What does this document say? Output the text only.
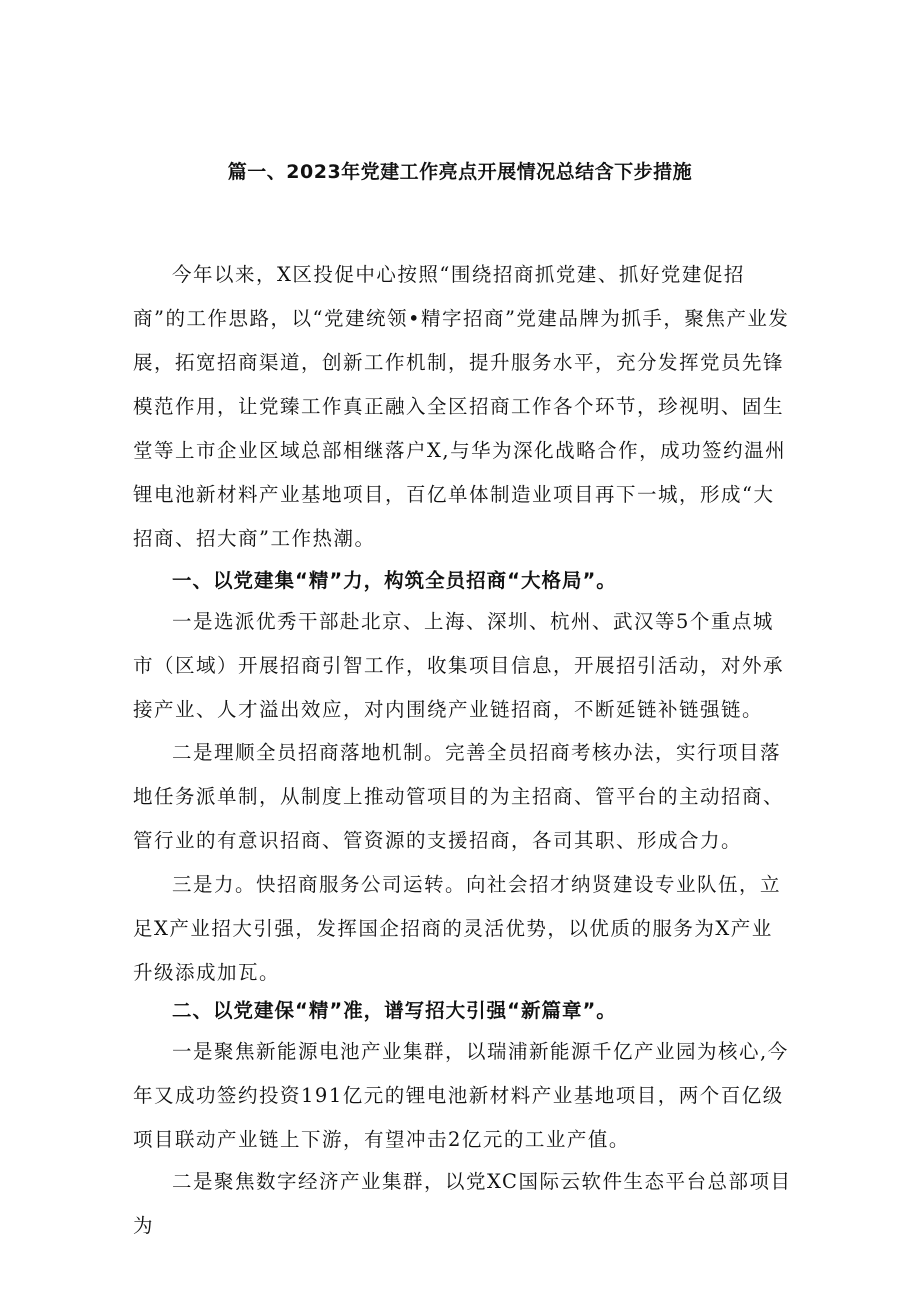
篇一、2023年党建工作亮点开展情况总结含下步措施

今年以来，X区投促中心按照“围绕招商抓党建、抓好党建促招商”的工作思路，以“党建统领•精字招商”党建品牌为抓手，聚焦产业发展，拓宽招商渠道，创新工作机制，提升服务水平，充分发挥党员先锋模范作用，让党臻工作真正融入全区招商工作各个环节，珍视明、固生堂等上市企业区域总部相继落户X,与华为深化战略合作，成功签约温州锂电池新材料产业基地项目，百亿单体制造业项目再下一城，形成“大招商、招大商”工作热潮。

一、以党建集“精”力，构筑全员招商“大格局”。

一是选派优秀干部赴北京、上海、深圳、杭州、武汉等5个重点城市（区域）开展招商引智工作，收集项目信息，开展招引活动，对外承接产业、人才溢出效应，对内围绕产业链招商，不断延链补链强链。

二是理顺全员招商落地机制。完善全员招商考核办法，实行项目落地任务派单制，从制度上推动管项目的为主招商、管平台的主动招商、管行业的有意识招商、管资源的支援招商，各司其职、形成合力。

三是力。快招商服务公司运转。向社会招才纳贤建设专业队伍，立足X产业招大引强，发挥国企招商的灵活优势，以优质的服务为X产业升级添成加瓦。

二、以党建保“精”准，谱写招大引强“新篇章”。

一是聚焦新能源电池产业集群，以瑞浦新能源千亿产业园为核心,今年又成功签约投资191亿元的锂电池新材料产业基地项目，两个百亿级项目联动产业链上下游，有望冲击2亿元的工业产值。

二是聚焦数字经济产业集群，以党XC国际云软件生态平台总部项目为
